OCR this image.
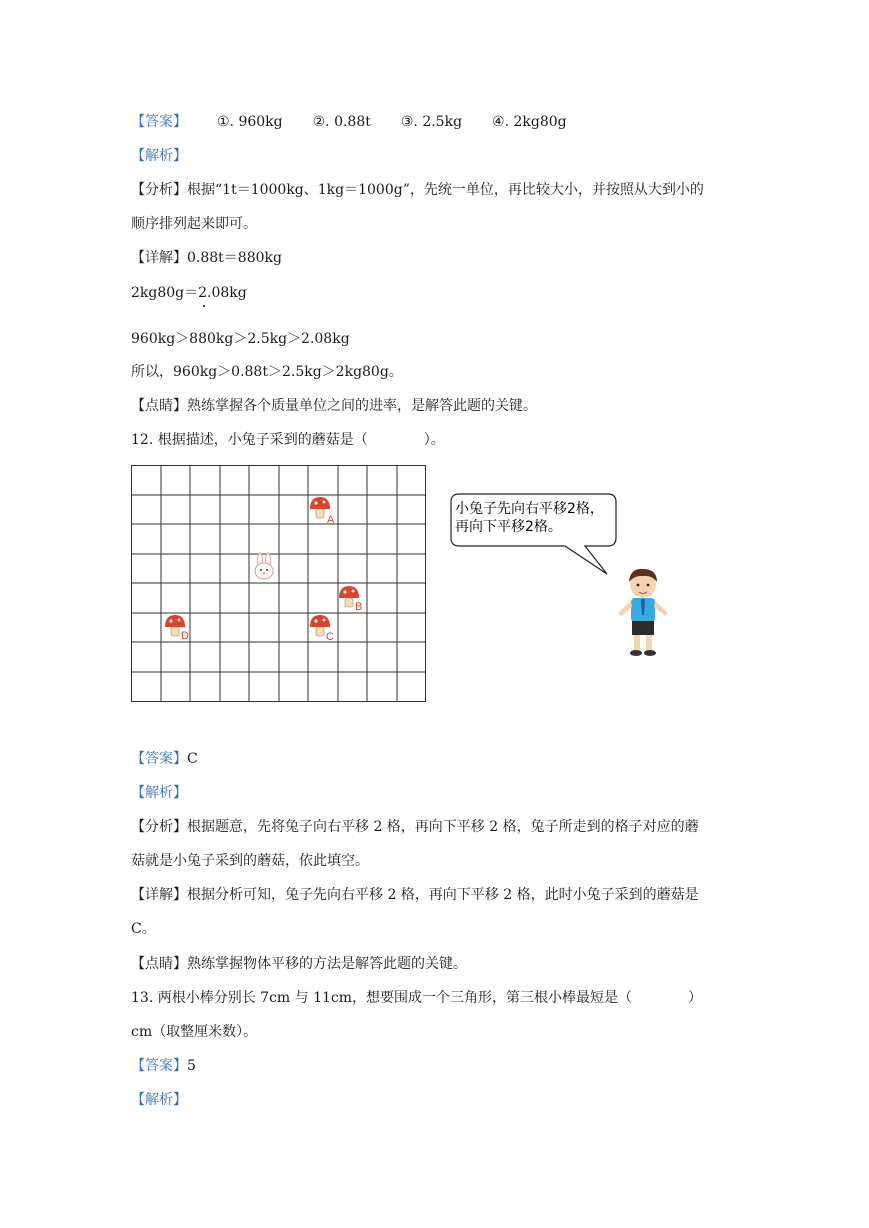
【答案】 ①. 960kg ②. 0.88t ③. 2.5kg ④. 2kg80g
【解析】
【分析】根据“1t＝1000kg、1kg＝1000g”，先统一单位，再比较大小，并按照从大到小的
顺序排列起来即可。
【详解】0.88t＝880kg
2kg80g＝2.08kg
960kg＞880kg＞2.5kg＞2.08kg
所以，960kg＞0.88t＞2.5kg＞2kg80g。
【点睛】熟练掌握各个质量单位之间的进率，是解答此题的关键。
12. 根据描述，小兔子采到的蘑菇是（　　　　）。
A
B
C
D
小兔子先向右平移2格，
再向下平移2格。
【答案】C
【解析】
【分析】根据题意，先将兔子向右平移 2 格，再向下平移 2 格，兔子所走到的格子对应的蘑
菇就是小兔子采到的蘑菇，依此填空。
【详解】根据分析可知，兔子先向右平移 2 格，再向下平移 2 格，此时小兔子采到的蘑菇是
C。
【点睛】熟练掌握物体平移的方法是解答此题的关键。
13. 两根小棒分别长 7cm 与 11cm，想要围成一个三角形，第三根小棒最短是（　　　　）
cm（取整厘米数）。
【答案】5
【解析】
